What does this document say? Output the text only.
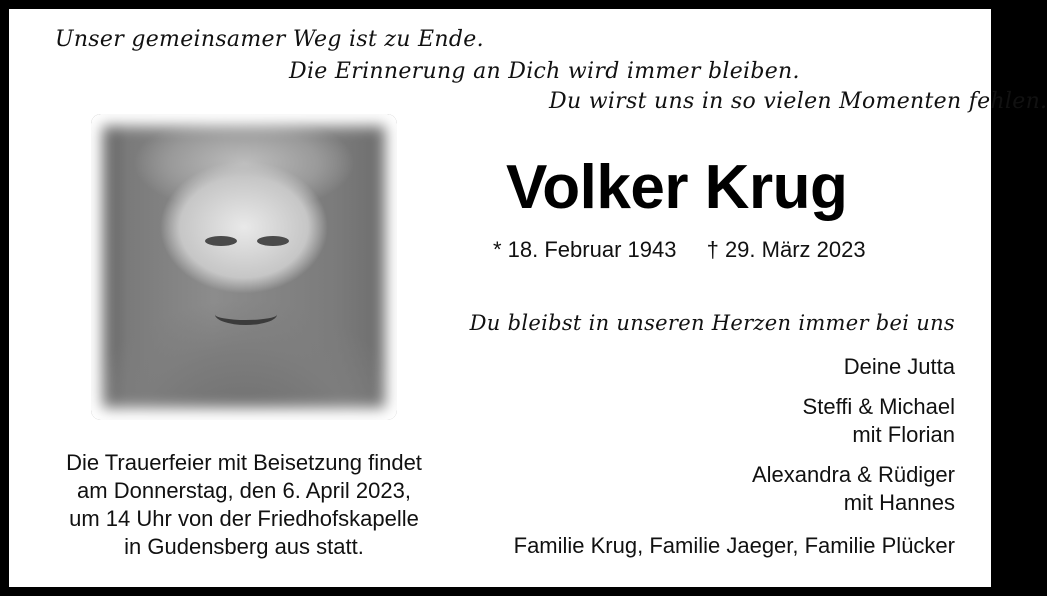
Unser gemeinsamer Weg ist zu Ende.
Die Erinnerung an Dich wird immer bleiben.
Du wirst uns in so vielen Momenten fehlen.
Volker Krug
* 18. Februar 1943 † 29. März 2023
Du bleibst in unseren Herzen immer bei uns
Deine Jutta
Steffi & Michael
mit Florian
Alexandra & Rüdiger
mit Hannes
Familie Krug, Familie Jaeger, Familie Plücker
Die Trauerfeier mit Beisetzung findet
am Donnerstag, den 6. April 2023,
um 14 Uhr von der Friedhofskapelle
in Gudensberg aus statt.
